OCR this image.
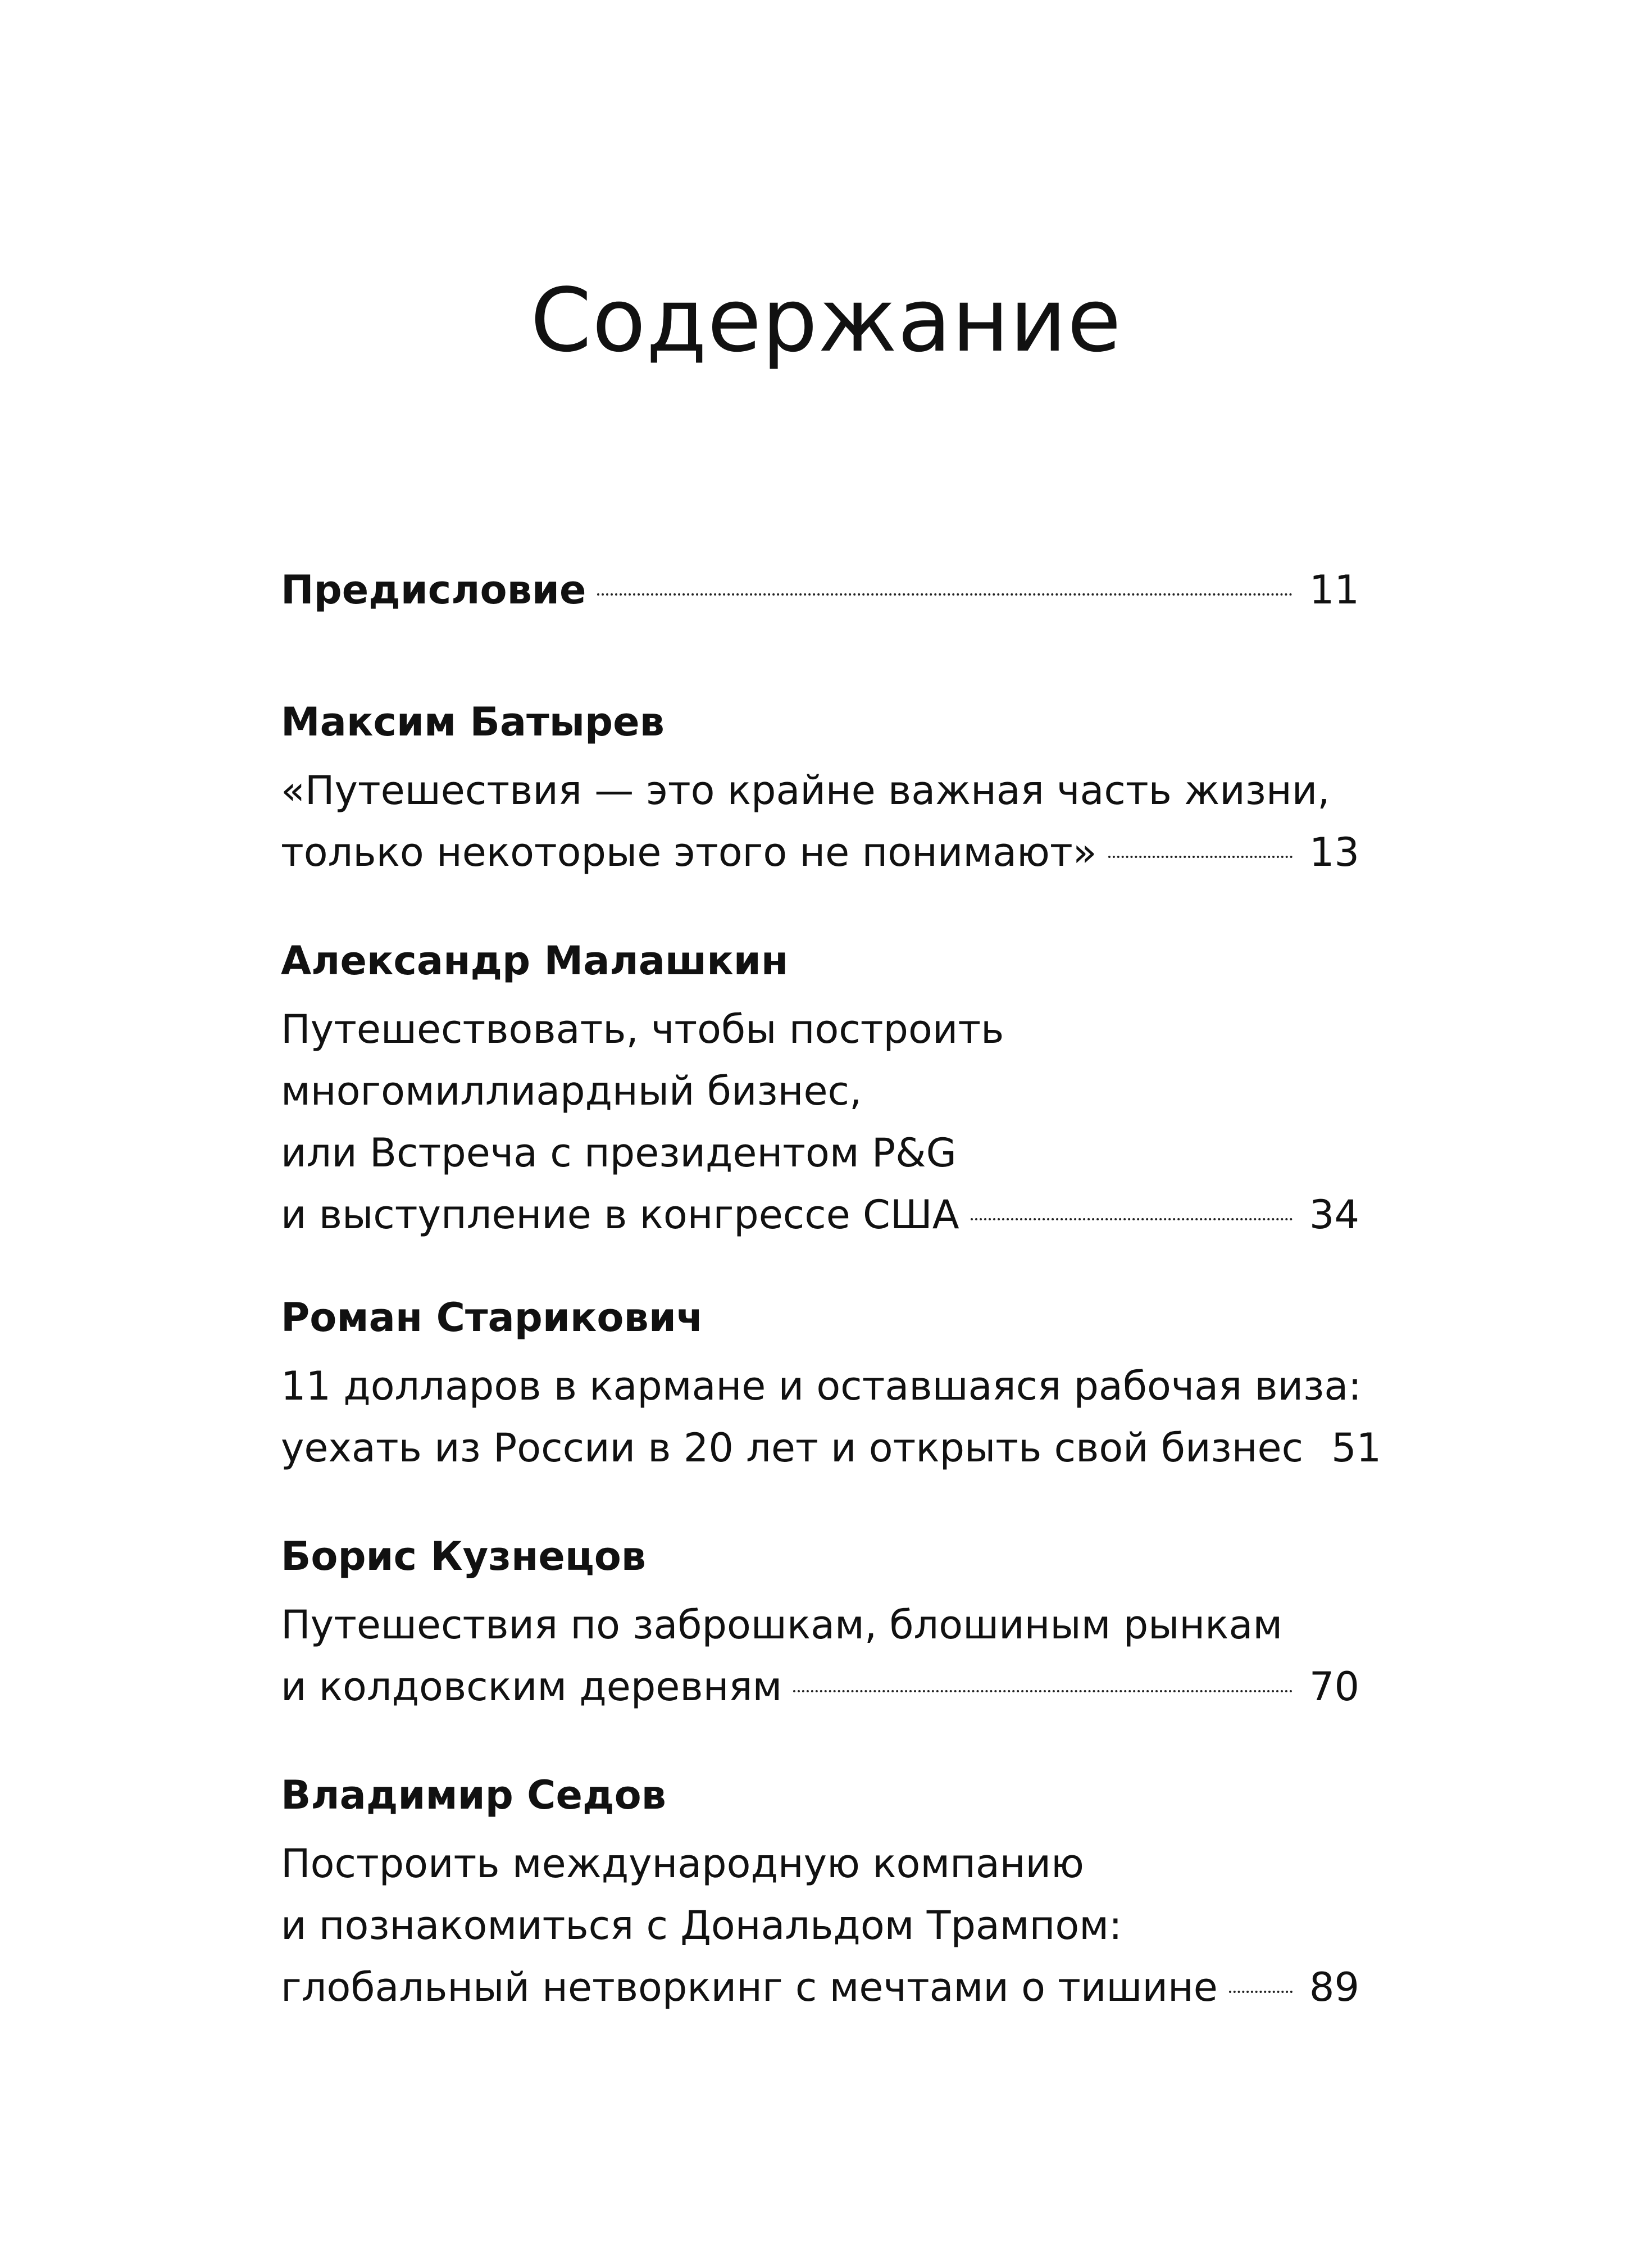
Содержание
Предисловие	11
Максим Батырев
«Путешествия — это крайне важная часть жизни,
только некоторые этого не понимают»	13
Александр Малашкин
Путешествовать, чтобы построить
многомиллиардный бизнес,
или Встреча с президентом P&G
и выступление в конгрессе США	34
Роман Старикович
11 долларов в кармане и оставшаяся рабочая виза:
уехать из России в 20 лет и открыть свой бизнес 51
Борис Кузнецов
Путешествия по заброшкам, блошиным рынкам
и колдовским деревням	70
Владимир Седов
Построить международную компанию
и познакомиться с Дональдом Трампом:
глобальный нетворкинг с мечтами о тишине 89
